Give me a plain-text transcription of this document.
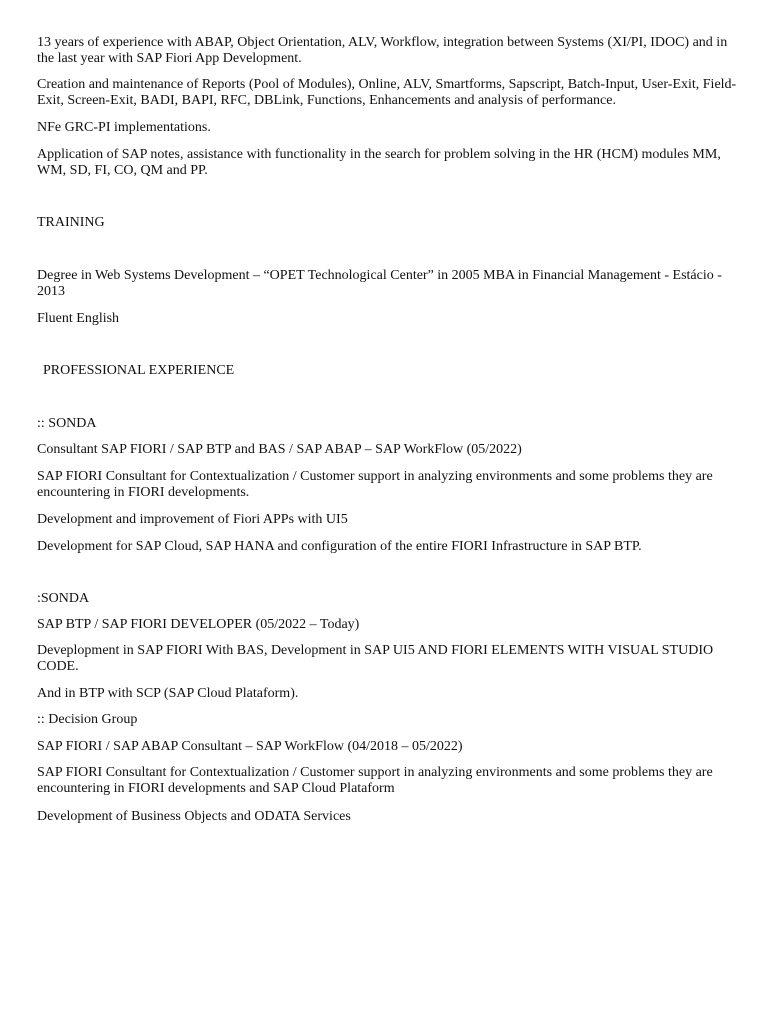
13 years of experience with ABAP, Object Orientation, ALV, Workflow, integration between Systems (XI/PI, IDOC) and in the last year with SAP Fiori App Development.

Creation and maintenance of Reports (Pool of Modules), Online, ALV, Smartforms, Sapscript, Batch-Input, User-Exit, Field-Exit, Screen-Exit, BADI, BAPI, RFC, DBLink, Functions, Enhancements and analysis of performance.

NFe GRC-PI implementations.

Application of SAP notes, assistance with functionality in the search for problem solving in the HR (HCM) modules MM, WM, SD, FI, CO, QM and PP.

TRAINING

Degree in Web Systems Development – “OPET Technological Center” in 2005 MBA in Financial Management - Estácio - 2013

Fluent English

PROFESSIONAL EXPERIENCE

:: SONDA

Consultant SAP FIORI / SAP BTP and BAS / SAP ABAP – SAP WorkFlow (05/2022)

SAP FIORI Consultant for Contextualization / Customer support in analyzing environments and some problems they are encountering in FIORI developments.

Development and improvement of Fiori APPs with UI5

Development for SAP Cloud, SAP HANA and configuration of the entire FIORI Infrastructure in SAP BTP.

:SONDA

SAP BTP / SAP FIORI DEVELOPER (05/2022 – Today)

Deveplopment in SAP FIORI With BAS, Development in SAP UI5 AND FIORI ELEMENTS WITH VISUAL STUDIO CODE.

And in BTP with SCP (SAP Cloud Plataform).

:: Decision Group

SAP FIORI / SAP ABAP Consultant – SAP WorkFlow (04/2018 – 05/2022)

SAP FIORI Consultant for Contextualization / Customer support in analyzing environments and some problems they are encountering in FIORI developments and SAP Cloud Plataform

Development of Business Objects and ODATA Services
